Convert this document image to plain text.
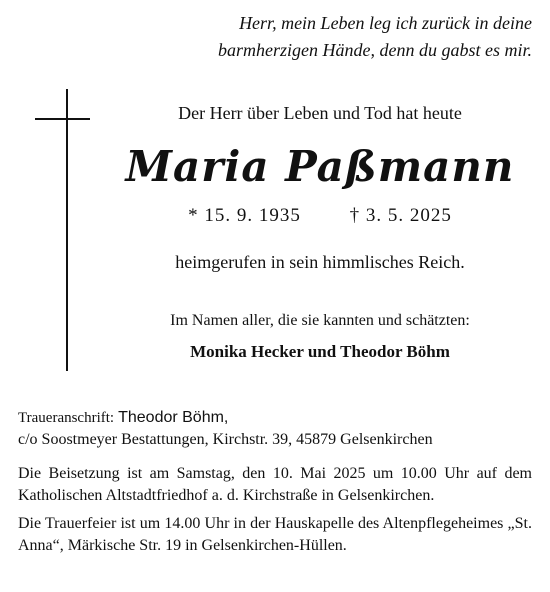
Herr, mein Leben leg ich zurück in deine
barmherzigen Hände, denn du gabst es mir.
Der Herr über Leben und Tod hat heute
Maria Paßmann
* 15. 9. 1935	† 3. 5. 2025
heimgerufen in sein himmlisches Reich.
Im Namen aller, die sie kannten und schätzten:
Monika Hecker und Theodor Böhm
Traueranschrift: Theodor Böhm,
c/o Soostmeyer Bestattungen, Kirchstr. 39, 45879 Gelsenkirchen
Die Beisetzung ist am Samstag, den 10. Mai 2025 um 10.00 Uhr auf dem Katholischen Altstadtfriedhof a. d. Kirchstraße in Gelsenkirchen.
Die Trauerfeier ist um 14.00 Uhr in der Hauskapelle des Altenpflegeheimes „St. Anna“, Märkische Str. 19 in Gelsenkirchen-Hüllen.
